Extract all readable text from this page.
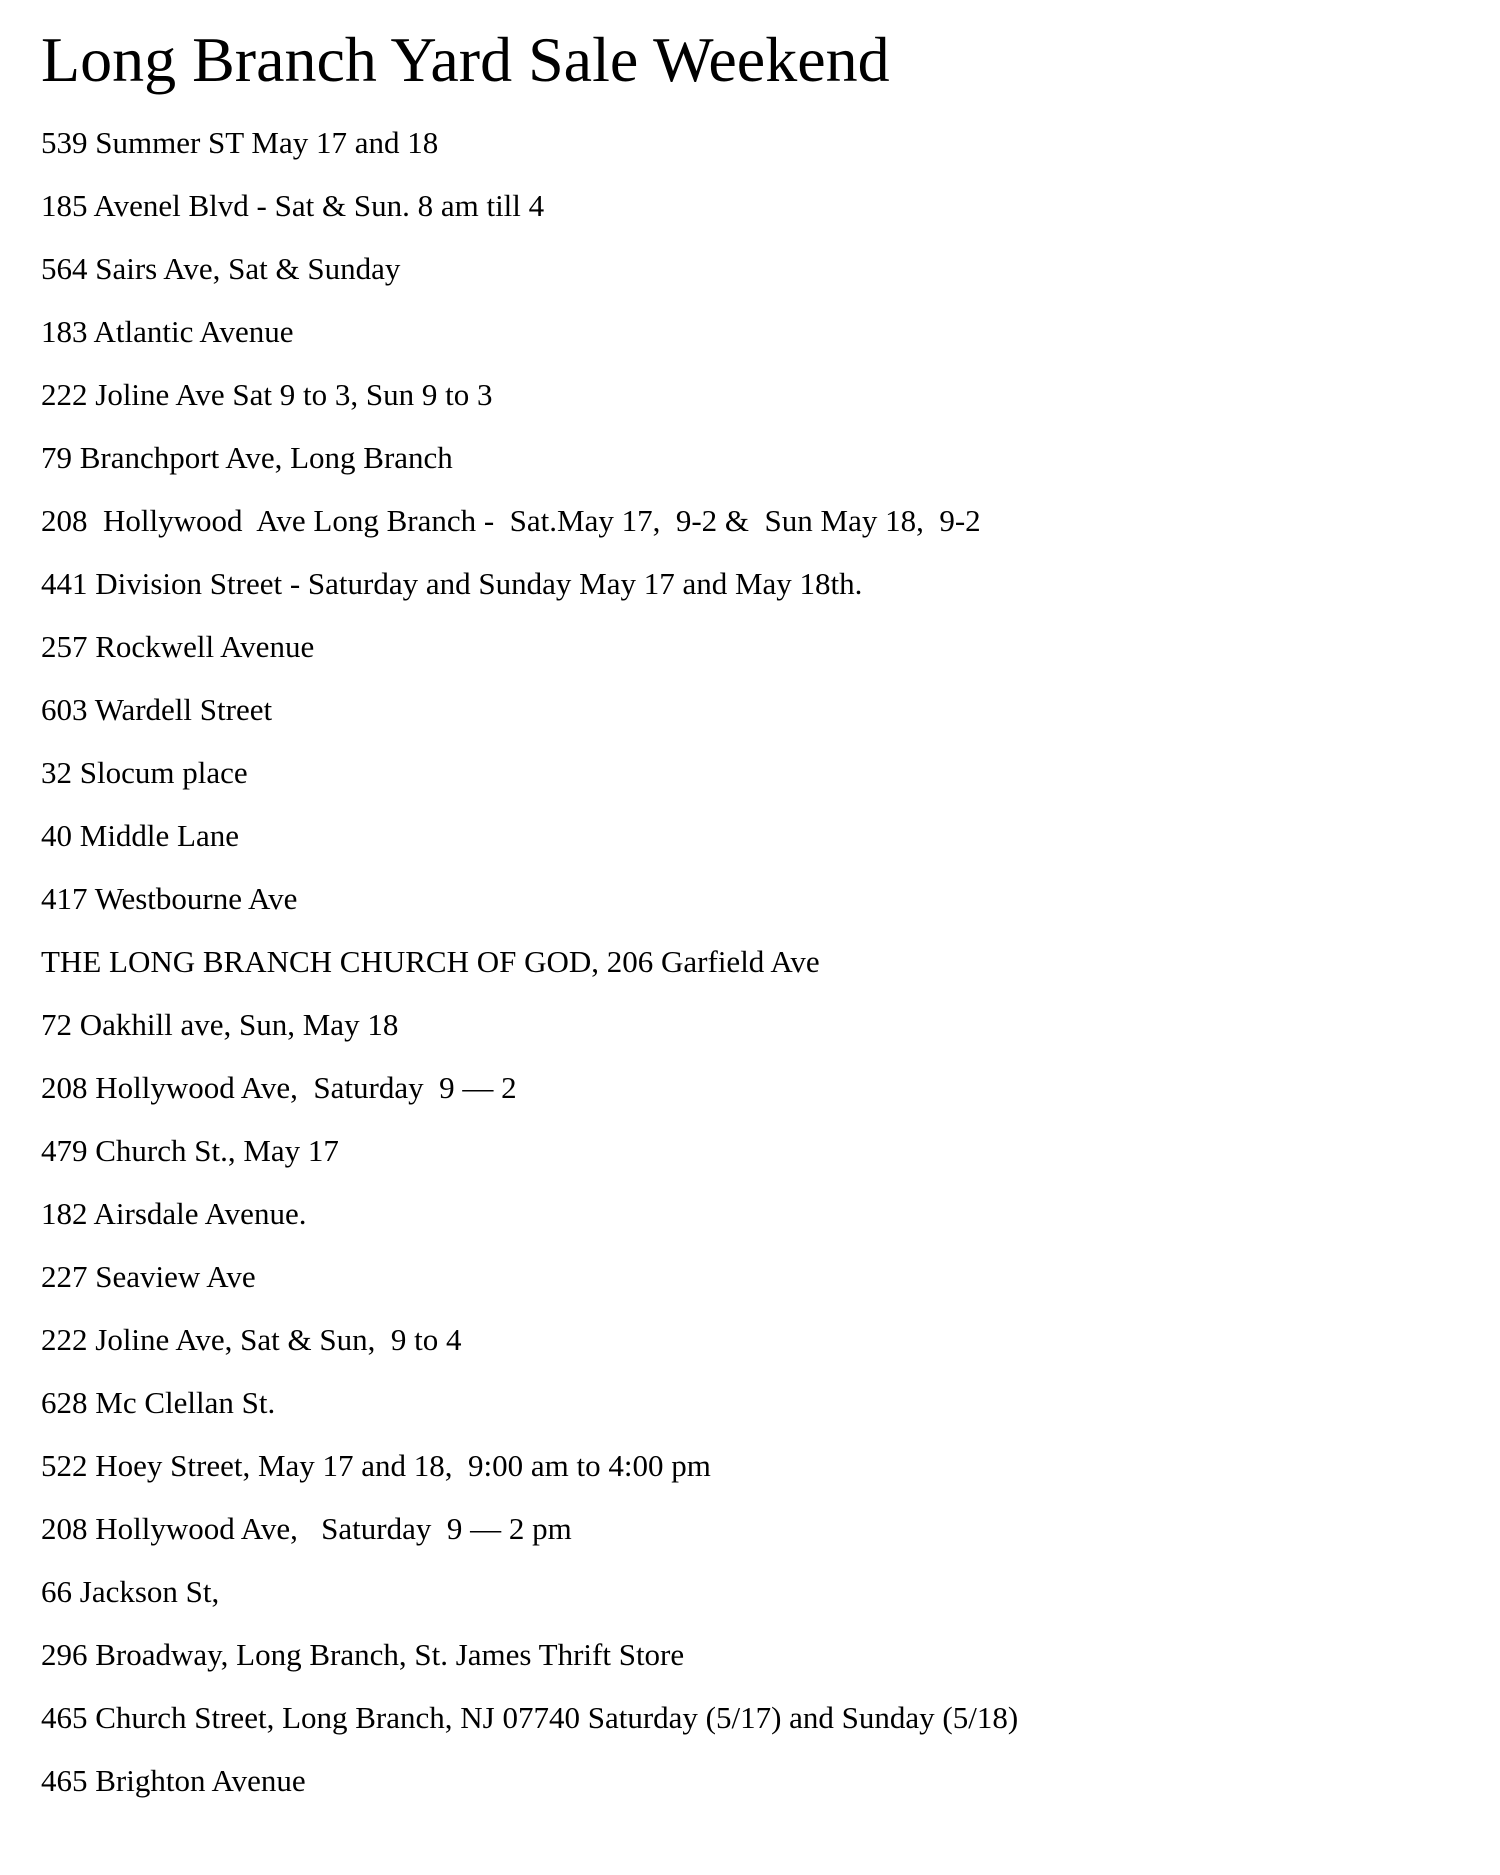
Long Branch Yard Sale Weekend
539 Summer ST May 17 and 18
185 Avenel Blvd - Sat & Sun. 8 am till 4
564 Sairs Ave, Sat & Sunday
183 Atlantic Avenue
222 Joline Ave Sat 9 to 3, Sun 9 to 3
79 Branchport Ave, Long Branch
208  Hollywood  Ave Long Branch -  Sat.May 17,  9-2 &  Sun May 18,  9-2
441 Division Street - Saturday and Sunday May 17 and May 18th.
257 Rockwell Avenue
603 Wardell Street
32 Slocum place
40 Middle Lane
417 Westbourne Ave
THE LONG BRANCH CHURCH OF GOD, 206 Garfield Ave
72 Oakhill ave, Sun, May 18
208 Hollywood Ave,  Saturday  9 — 2
479 Church St., May 17
182 Airsdale Avenue.
227 Seaview Ave
222 Joline Ave, Sat & Sun,  9 to 4
628 Mc Clellan St.
522 Hoey Street, May 17 and 18,  9:00 am to 4:00 pm
208 Hollywood Ave,   Saturday  9 — 2 pm
66 Jackson St,
296 Broadway, Long Branch, St. James Thrift Store
465 Church Street, Long Branch, NJ 07740 Saturday (5/17) and Sunday (5/18)
465 Brighton Avenue
